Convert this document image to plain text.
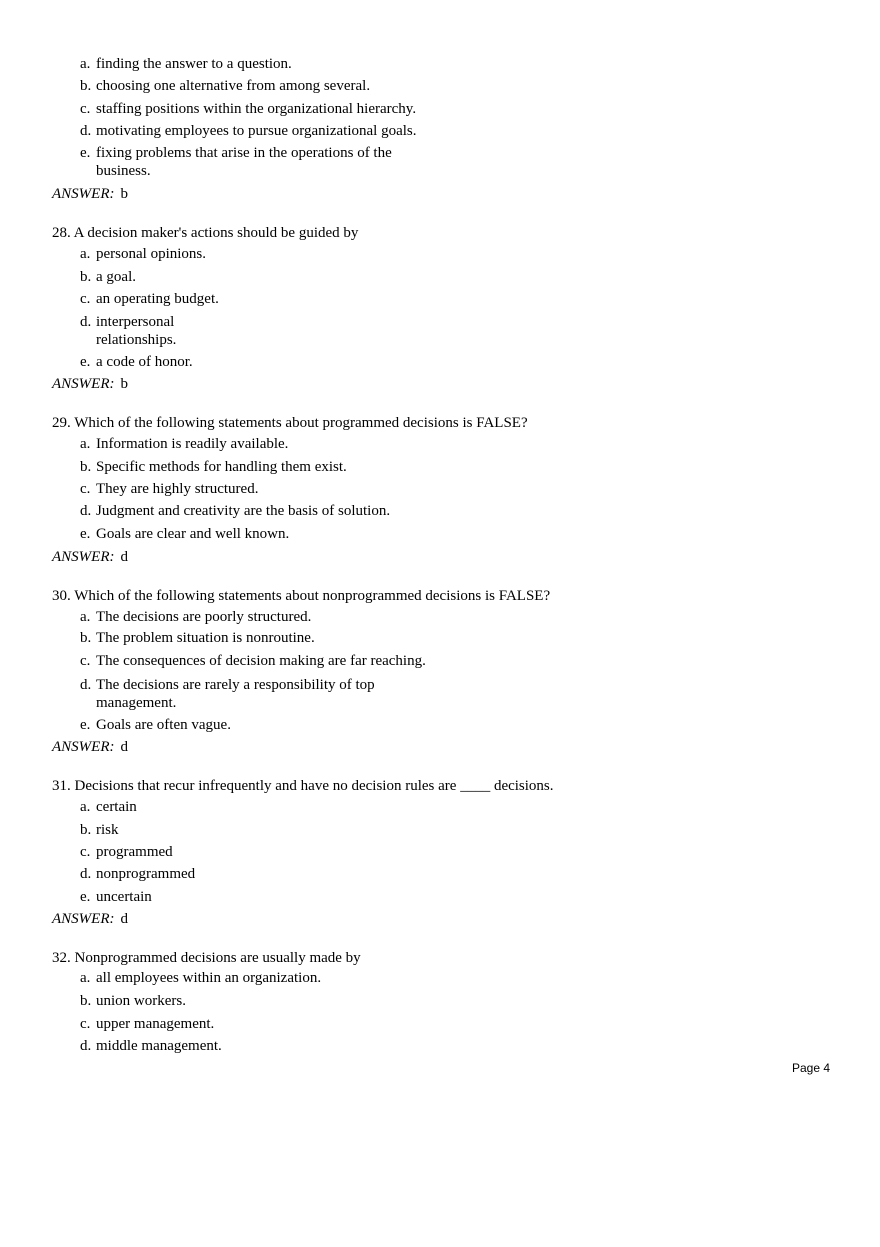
a. finding the answer to a question.
b. choosing one alternative from among several.
c. staffing positions within the organizational hierarchy.
d. motivating employees to pursue organizational goals.
e. fixing problems that arise in the operations of the business.
ANSWER: b
28. A decision maker's actions should be guided by
a. personal opinions.
b. a goal.
c. an operating budget.
d. interpersonal relationships.
e. a code of honor.
ANSWER: b
29. Which of the following statements about programmed decisions is FALSE?
a. Information is readily available.
b. Specific methods for handling them exist.
c. They are highly structured.
d. Judgment and creativity are the basis of solution.
e. Goals are clear and well known.
ANSWER: d
30. Which of the following statements about nonprogrammed decisions is FALSE?
a. The decisions are poorly structured.
b. The problem situation is nonroutine.
c. The consequences of decision making are far reaching.
d. The decisions are rarely a responsibility of top management.
e. Goals are often vague.
ANSWER: d
31. Decisions that recur infrequently and have no decision rules are ____ decisions.
a. certain
b. risk
c. programmed
d. nonprogrammed
e. uncertain
ANSWER: d
32. Nonprogrammed decisions are usually made by
a. all employees within an organization.
b. union workers.
c. upper management.
d. middle management.
Page 4
